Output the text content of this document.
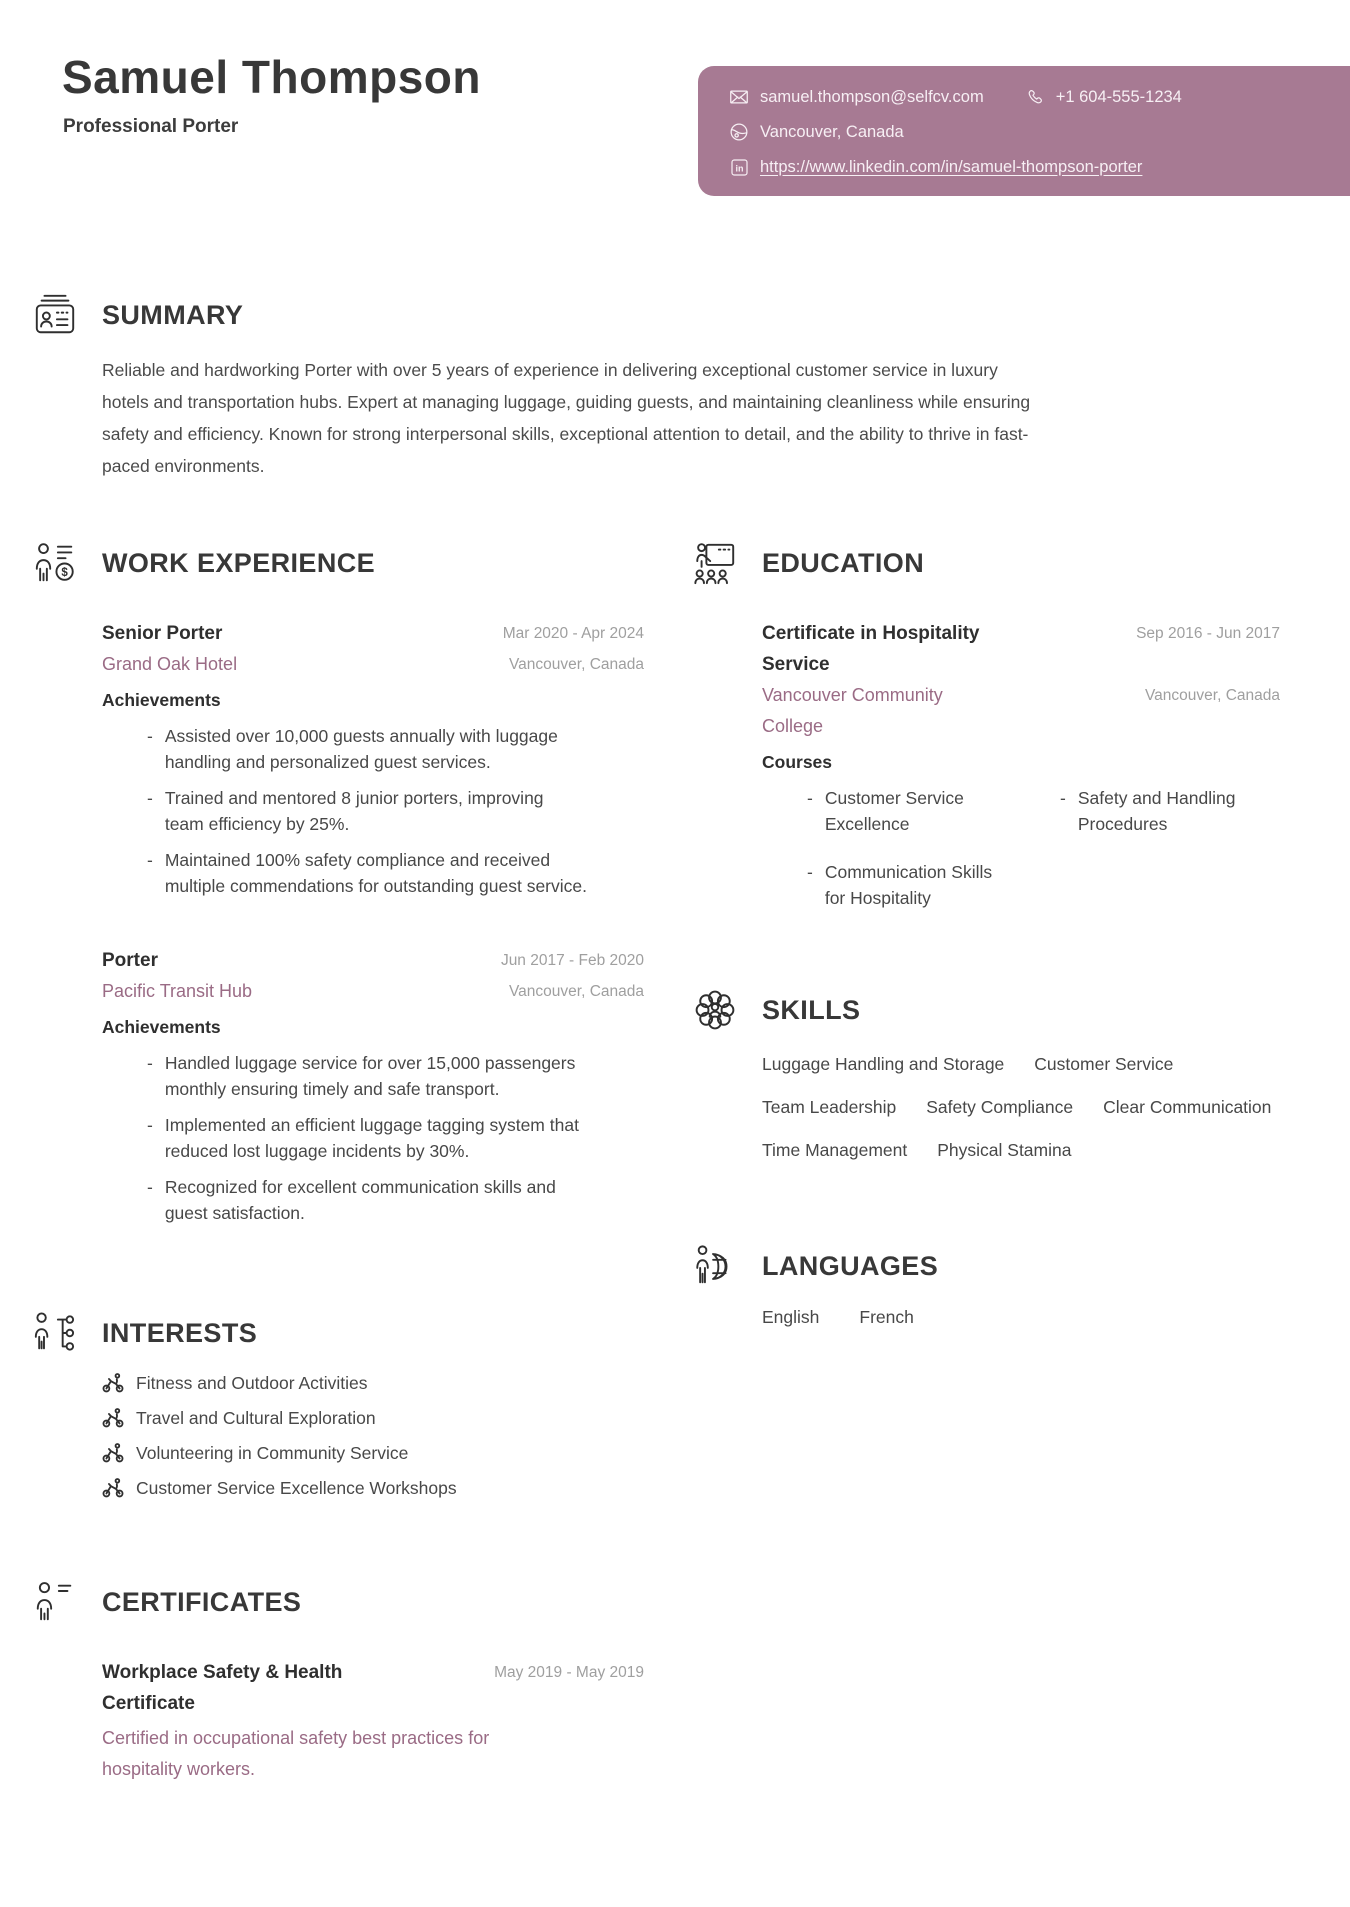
Samuel Thompson
Professional Porter
samuel.thompson@selfcv.com	+1 604-555-1234
Vancouver, Canada
in https://www.linkedin.com/in/samuel-thompson-porter
SUMMARY

Reliable and hardworking Porter with over 5 years of experience in delivering exceptional customer service in luxury hotels and transportation hubs. Expert at managing luggage, guiding guests, and maintaining cleanliness while ensuring safety and efficiency. Known for strong interpersonal skills, exceptional attention to detail, and the ability to thrive in fast-paced environments.

$ WORK EXPERIENCE
Senior Porter
Grand Oak Hotel
Mar 2020 - Apr 2024
Vancouver, Canada
Achievements
- Assisted over 10,000 guests annually with luggage handling and personalized guest services.
- Trained and mentored 8 junior porters, improving team efficiency by 25%.
- Maintained 100% safety compliance and received multiple commendations for outstanding guest service.
Porter
Pacific Transit Hub
Jun 2017 - Feb 2020
Vancouver, Canada
Achievements
- Handled luggage service for over 15,000 passengers monthly ensuring timely and safe transport.
- Implemented an efficient luggage tagging system that reduced lost luggage incidents by 30%.
- Recognized for excellent communication skills and guest satisfaction.
INTERESTS
Fitness and Outdoor Activities
Travel and Cultural Exploration
Volunteering in Community Service
Customer Service Excellence Workshops
CERTIFICATES
Workplace Safety & Health Certificate
May 2019 - May 2019
Certified in occupational safety best practices for hospitality workers.
EDUCATION
Certificate in Hospitality Service
Vancouver Community College
Sep 2016 - Jun 2017
Vancouver, Canada
Courses
- Customer Service Excellence
- Safety and Handling Procedures
- Communication Skills for Hospitality
SKILLS
Luggage Handling and Storage Customer Service
Team Leadership Safety Compliance Clear Communication
Time Management Physical Stamina
LANGUAGES
English French
